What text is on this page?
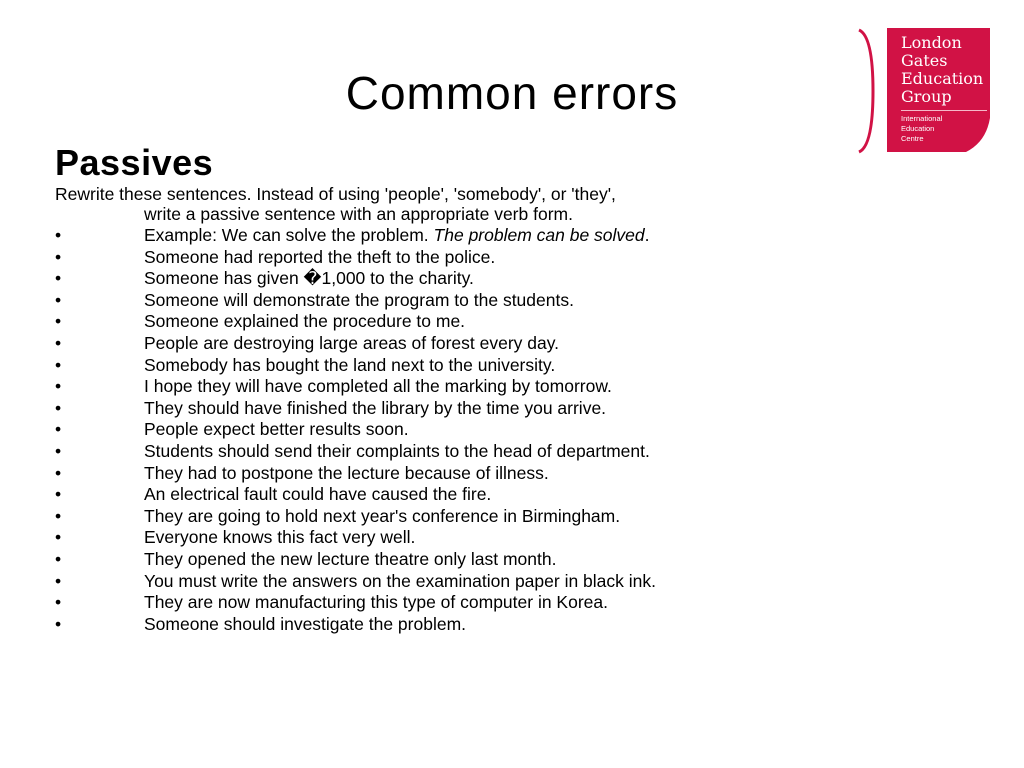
Common errors
London
Gates
Education
Group
International
Education
Centre
Passives
Rewrite these sentences. Instead of using 'people', 'somebody', or 'they',
write a passive sentence with an appropriate verb form.
•	Example: We can solve the problem. The problem can be solved.
•	Someone had reported the theft to the police.
•	Someone has given �1,000 to the charity.
•	Someone will demonstrate the program to the students.
•	Someone explained the procedure to me.
•	People are destroying large areas of forest every day.
•	Somebody has bought the land next to the university.
•	I hope they will have completed all the marking by tomorrow.
•	They should have finished the library by the time you arrive.
•	People expect better results soon.
•	Students should send their complaints to the head of department.
•	They had to postpone the lecture because of illness.
•	An electrical fault could have caused the fire.
•	They are going to hold next year's conference in Birmingham.
•	Everyone knows this fact very well.
•	They opened the new lecture theatre only last month.
•	You must write the answers on the examination paper in black ink.
•	They are now manufacturing this type of computer in Korea.
•	Someone should investigate the problem.
